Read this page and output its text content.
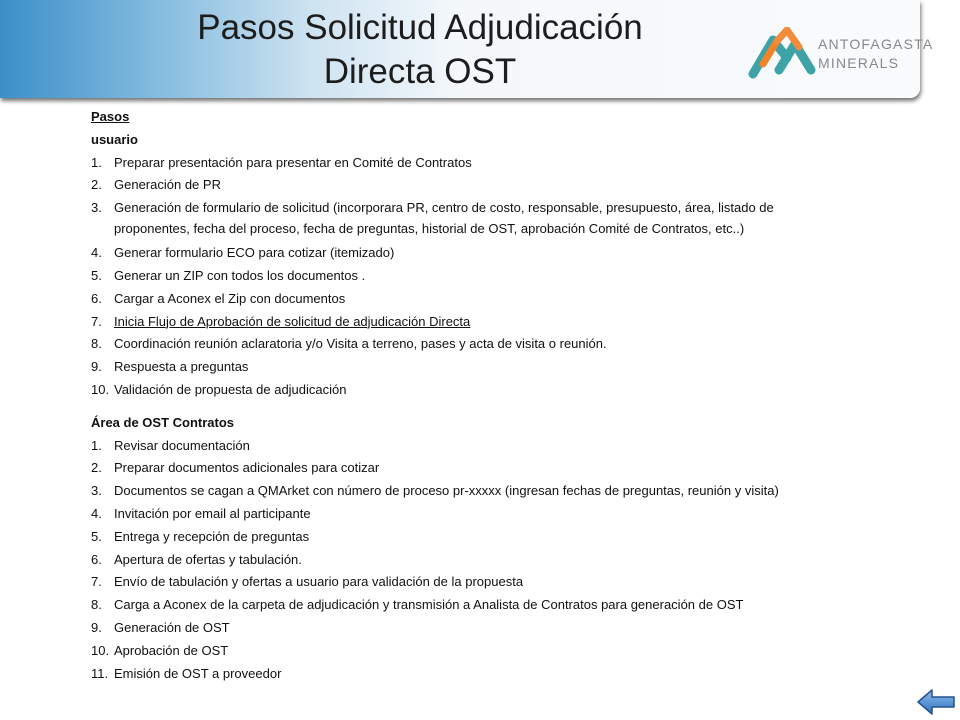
Pasos Solicitud Adjudicación
Directa OST
ANTOFAGASTA
MINERALS
Pasos
usuario
1. Preparar presentación para presentar en Comité de Contratos
2. Generación de PR
3. Generación de formulario de solicitud (incorporara PR, centro de costo, responsable, presupuesto, área, listado de
proponentes, fecha del proceso, fecha de preguntas, historial de OST, aprobación Comité de Contratos, etc..)
4. Generar formulario ECO para cotizar (itemizado)
5. Generar un ZIP con todos los documentos .
6. Cargar a Aconex el Zip con documentos
7. Inicia Flujo de Aprobación de solicitud de adjudicación Directa
8. Coordinación reunión aclaratoria y/o Visita a terreno, pases y acta de visita o reunión.
9. Respuesta a preguntas
10. Validación de propuesta de adjudicación
Área de OST Contratos
1. Revisar documentación
2. Preparar documentos adicionales para cotizar
3. Documentos se cagan a QMArket con número de proceso pr-xxxxx (ingresan fechas de preguntas, reunión y visita)
4. Invitación por email al participante
5. Entrega y recepción de preguntas
6. Apertura de ofertas y tabulación.
7. Envío de tabulación y ofertas a usuario para validación de la propuesta
8. Carga a Aconex de la carpeta de adjudicación y transmisión a Analista de Contratos para generación de OST
9. Generación de OST
10. Aprobación de OST
11. Emisión de OST a proveedor
